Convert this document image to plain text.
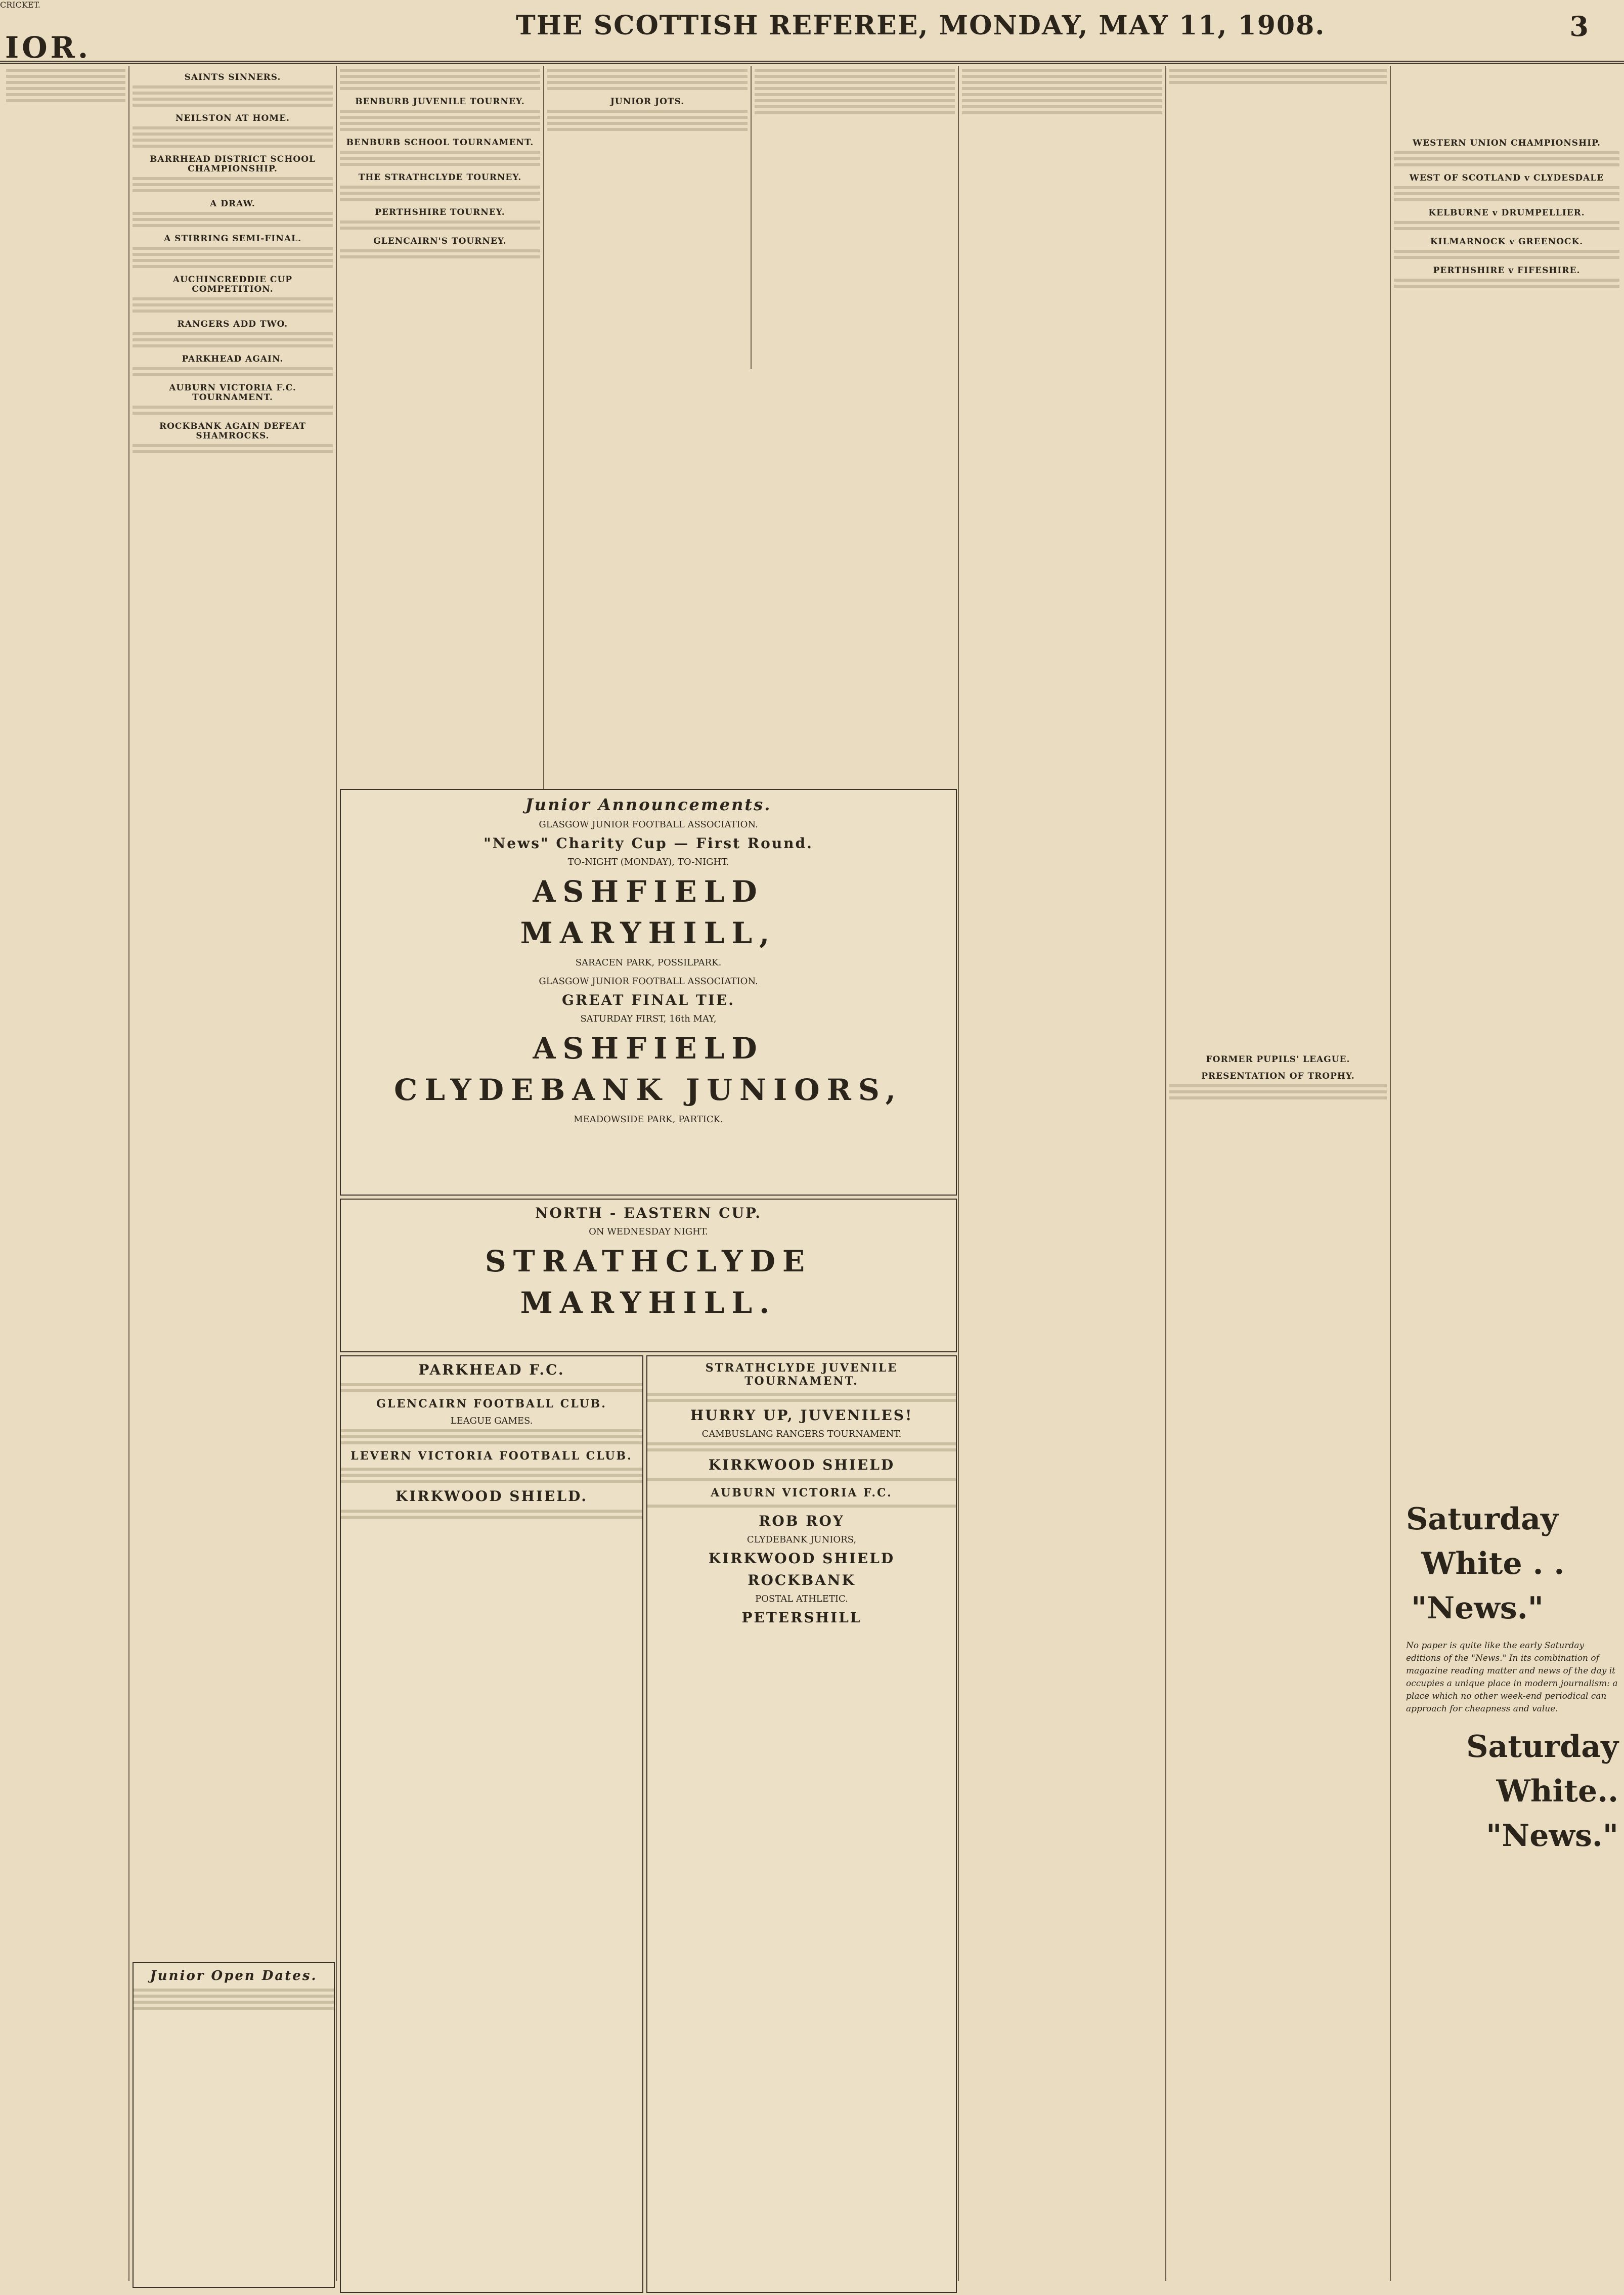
IOR.
THE SCOTTISH REFEREE, MONDAY, MAY 11, 1908.	3
CRICKET.
SAINTS SINNERS.
NEILSTON AT HOME.
BARRHEAD DISTRICT SCHOOL CHAMPIONSHIP.
A DRAW.
A STIRRING SEMI-FINAL.
AUCHINCREDDIE CUP COMPETITION.
RANGERS ADD TWO.
PARKHEAD AGAIN.
AUBURN VICTORIA F.C. TOURNAMENT.
ROCKBANK AGAIN DEFEAT SHAMROCKS.
BENBURB JUVENILE TOURNEY.
BENBURB SCHOOL TOURNAMENT.
THE STRATHCLYDE TOURNEY.
PERTHSHIRE TOURNEY.
GLENCAIRN'S TOURNEY.
JUNIOR JOTS.
FORMER PUPILS' LEAGUE.
PRESENTATION OF TROPHY.
WESTERN UNION CHAMPIONSHIP.
WEST OF SCOTLAND v CLYDESDALE
KELBURNE v DRUMPELLIER.
KILMARNOCK v GREENOCK.
PERTHSHIRE v FIFESHIRE.
Junior Announcements.
GLASGOW JUNIOR FOOTBALL ASSOCIATION.
"News" Charity Cup — First Round.
TO-NIGHT (MONDAY), TO-NIGHT.
ASHFIELD
MARYHILL,
SARACEN PARK, POSSILPARK.
GLASGOW JUNIOR FOOTBALL ASSOCIATION.
GREAT FINAL TIE.
SATURDAY FIRST, 16th MAY,
ASHFIELD
CLYDEBANK JUNIORS,
MEADOWSIDE PARK, PARTICK.
NORTH - EASTERN CUP.
ON WEDNESDAY NIGHT.
STRATHCLYDE
MARYHILL.
PARKHEAD F.C.
GLENCAIRN FOOTBALL CLUB.
LEAGUE GAMES.
LEVERN VICTORIA FOOTBALL CLUB.
KIRKWOOD SHIELD.
STRATHCLYDE JUVENILE TOURNAMENT.
HURRY UP, JUVENILES!
CAMBUSLANG RANGERS TOURNAMENT.
KIRKWOOD SHIELD
AUBURN VICTORIA F.C.
ROB ROY
CLYDEBANK JUNIORS,
KIRKWOOD SHIELD
ROCKBANK
POSTAL ATHLETIC.
PETERSHILL
Junior Open Dates.
Saturday
White . .
"News."

No paper is quite like the early Saturday editions of the "News." In its combination of magazine reading matter and news of the day it occupies a unique place in modern journalism: a place which no other week-end periodical can approach for cheapness and value.

Saturday
White..
"News."
